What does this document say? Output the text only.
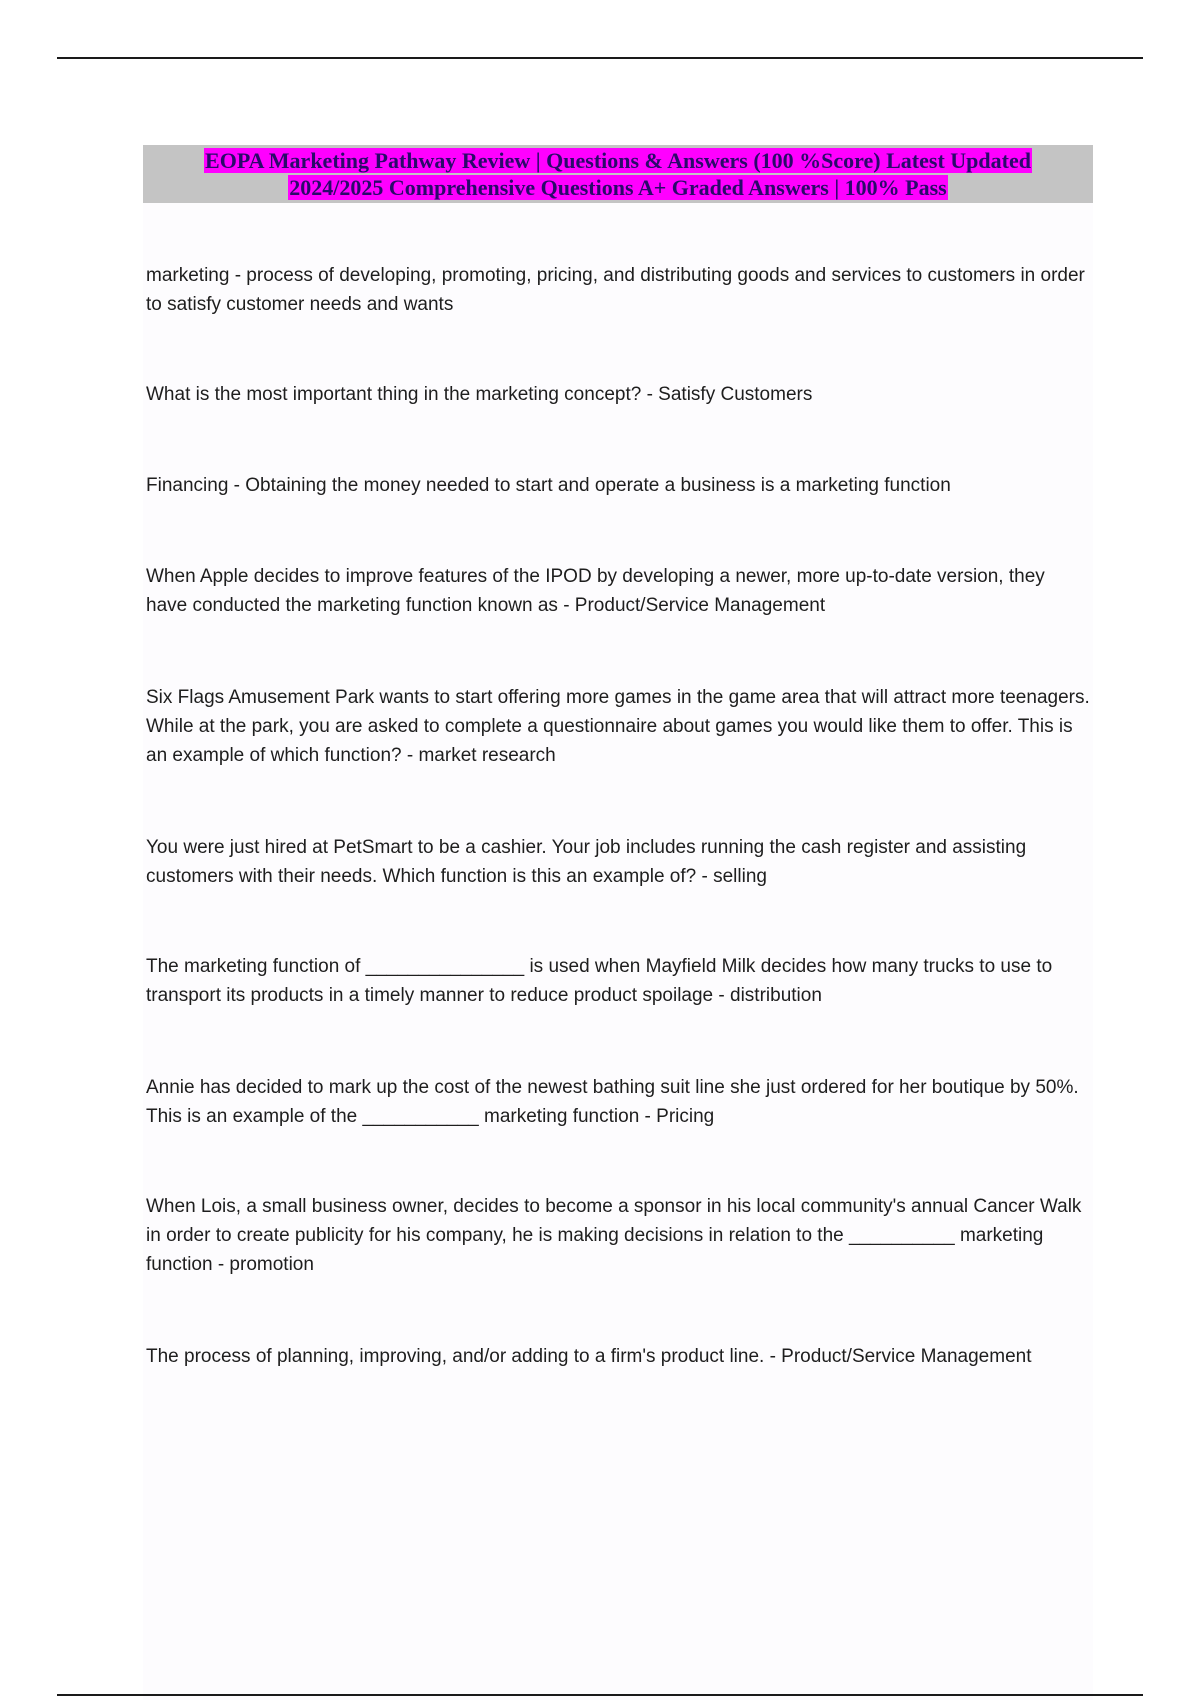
EOPA Marketing Pathway Review | Questions & Answers (100 %Score) Latest Updated
2024/2025 Comprehensive Questions A+ Graded Answers | 100% Pass
marketing - process of developing, promoting, pricing, and distributing goods and services to customers in order to satisfy customer needs and wants
What is the most important thing in the marketing concept? - Satisfy Customers
Financing - Obtaining the money needed to start and operate a business is a marketing function
When Apple decides to improve features of the IPOD by developing a newer, more up-to-date version, they have conducted the marketing function known as - Product/Service Management
Six Flags Amusement Park wants to start offering more games in the game area that will attract more teenagers. While at the park, you are asked to complete a questionnaire about games you would like them to offer. This is an example of which function? - market research
You were just hired at PetSmart to be a cashier. Your job includes running the cash register and assisting customers with their needs. Which function is this an example of? - selling
The marketing function of _______________ is used when Mayfield Milk decides how many trucks to use to transport its products in a timely manner to reduce product spoilage - distribution
Annie has decided to mark up the cost of the newest bathing suit line she just ordered for her boutique by 50%. This is an example of the ___________ marketing function - Pricing
When Lois, a small business owner, decides to become a sponsor in his local community's annual Cancer Walk in order to create publicity for his company, he is making decisions in relation to the __________ marketing function - promotion
The process of planning, improving, and/or adding to a firm's product line. - Product/Service Management
